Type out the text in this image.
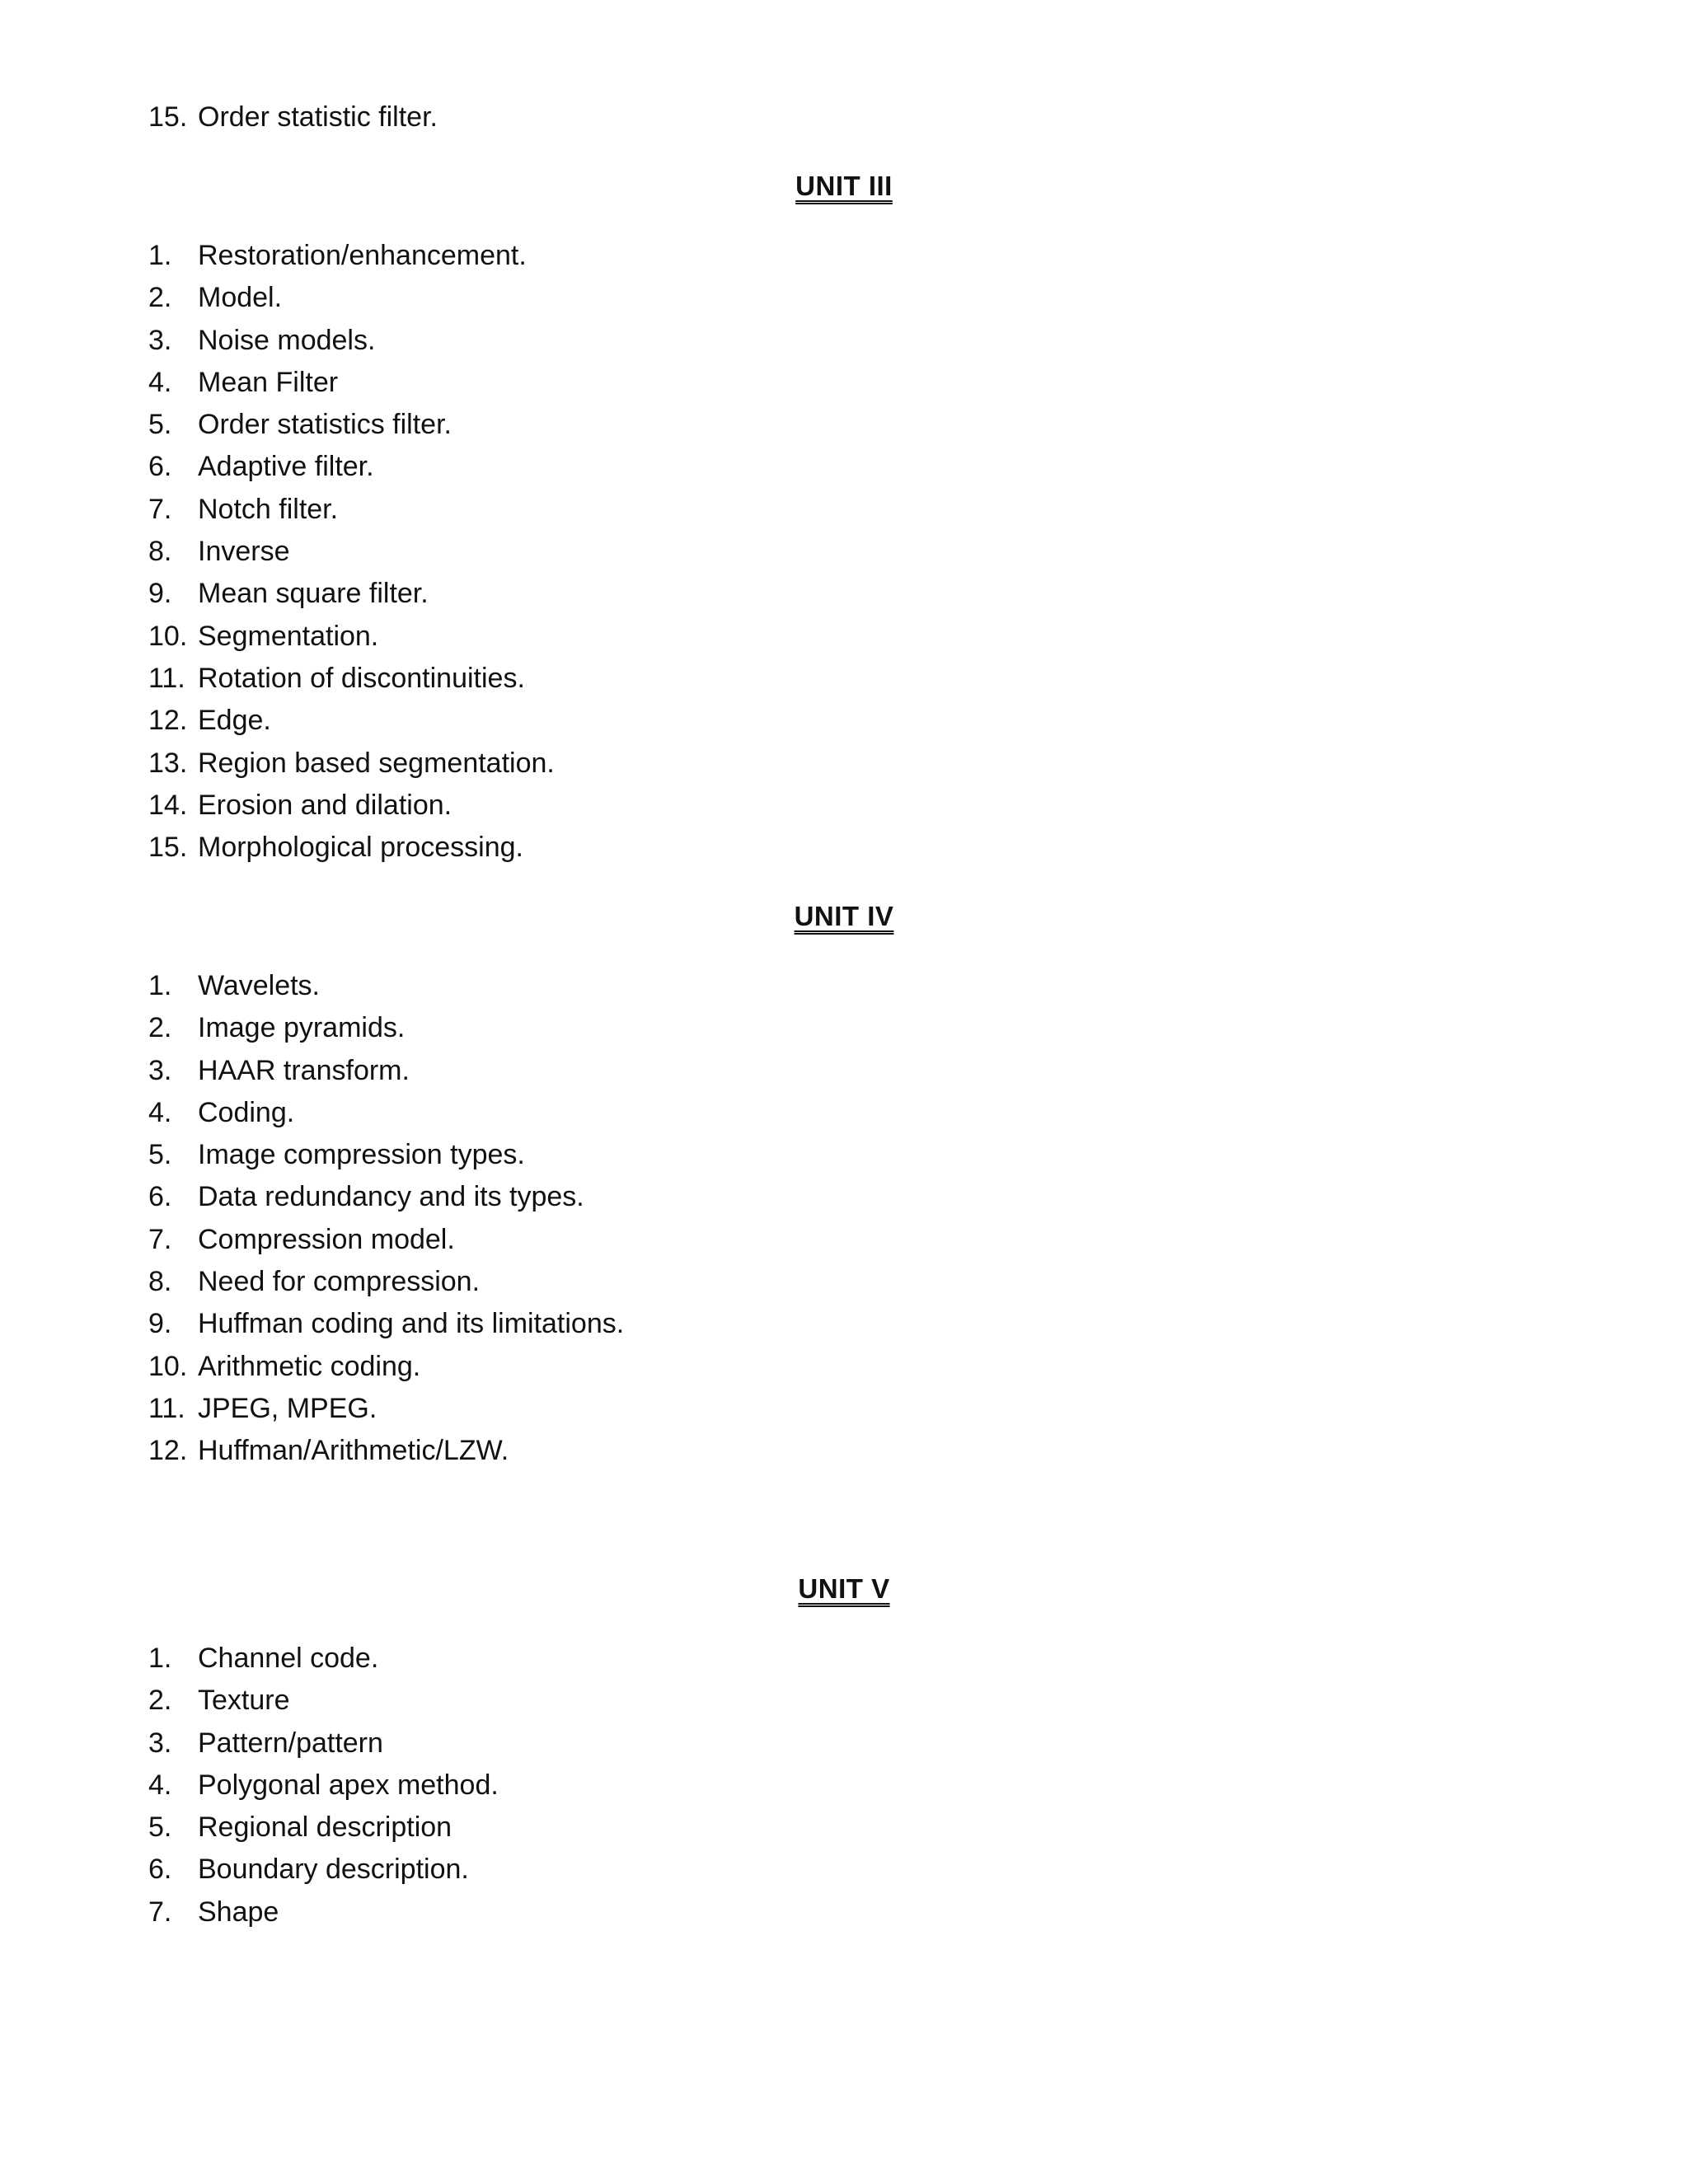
15. Order statistic filter.
UNIT III
1. Restoration/enhancement.
2. Model.
3. Noise models.
4. Mean Filter
5. Order statistics filter.
6. Adaptive filter.
7. Notch filter.
8. Inverse
9. Mean square filter.
10. Segmentation.
11. Rotation of discontinuities.
12. Edge.
13. Region based segmentation.
14. Erosion and dilation.
15. Morphological processing.
UNIT IV
1. Wavelets.
2. Image pyramids.
3. HAAR transform.
4. Coding.
5. Image compression types.
6. Data redundancy and its types.
7. Compression model.
8. Need for compression.
9. Huffman coding and its limitations.
10. Arithmetic coding.
11. JPEG, MPEG.
12. Huffman/Arithmetic/LZW.
UNIT V
1. Channel code.
2. Texture
3. Pattern/pattern
4. Polygonal apex method.
5. Regional description
6. Boundary description.
7. Shape
